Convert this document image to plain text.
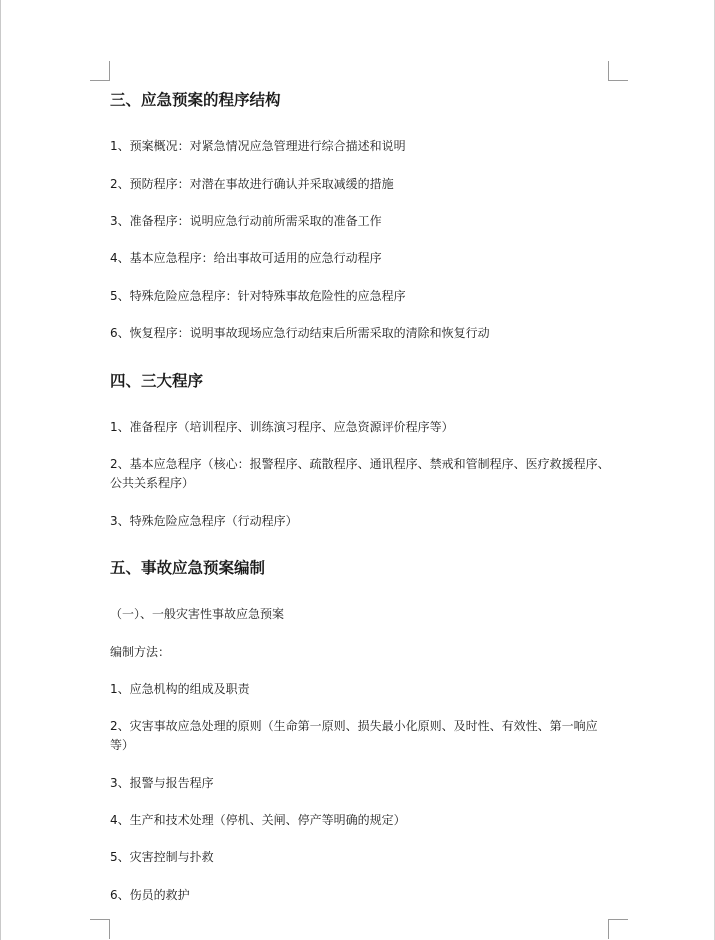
三、应急预案的程序结构
1、预案概况：对紧急情况应急管理进行综合描述和说明
2、预防程序：对潜在事故进行确认并采取减缓的措施
3、准备程序：说明应急行动前所需采取的准备工作
4、基本应急程序：给出事故可适用的应急行动程序
5、特殊危险应急程序：针对特殊事故危险性的应急程序
6、恢复程序：说明事故现场应急行动结束后所需采取的清除和恢复行动
四、三大程序
1、准备程序（培训程序、训练演习程序、应急资源评价程序等）
2、基本应急程序（核心：报警程序、疏散程序、通讯程序、禁戒和管制程序、医疗救援程序、公共关系程序）
3、特殊危险应急程序（行动程序）
五、事故应急预案编制
（一）、一般灾害性事故应急预案
编制方法：
1、应急机构的组成及职责
2、灾害事故应急处理的原则（生命第一原则、损失最小化原则、及时性、有效性、第一响应等）
3、报警与报告程序
4、生产和技术处理（停机、关闸、停产等明确的规定）
5、灾害控制与扑救
6、伤员的救护
